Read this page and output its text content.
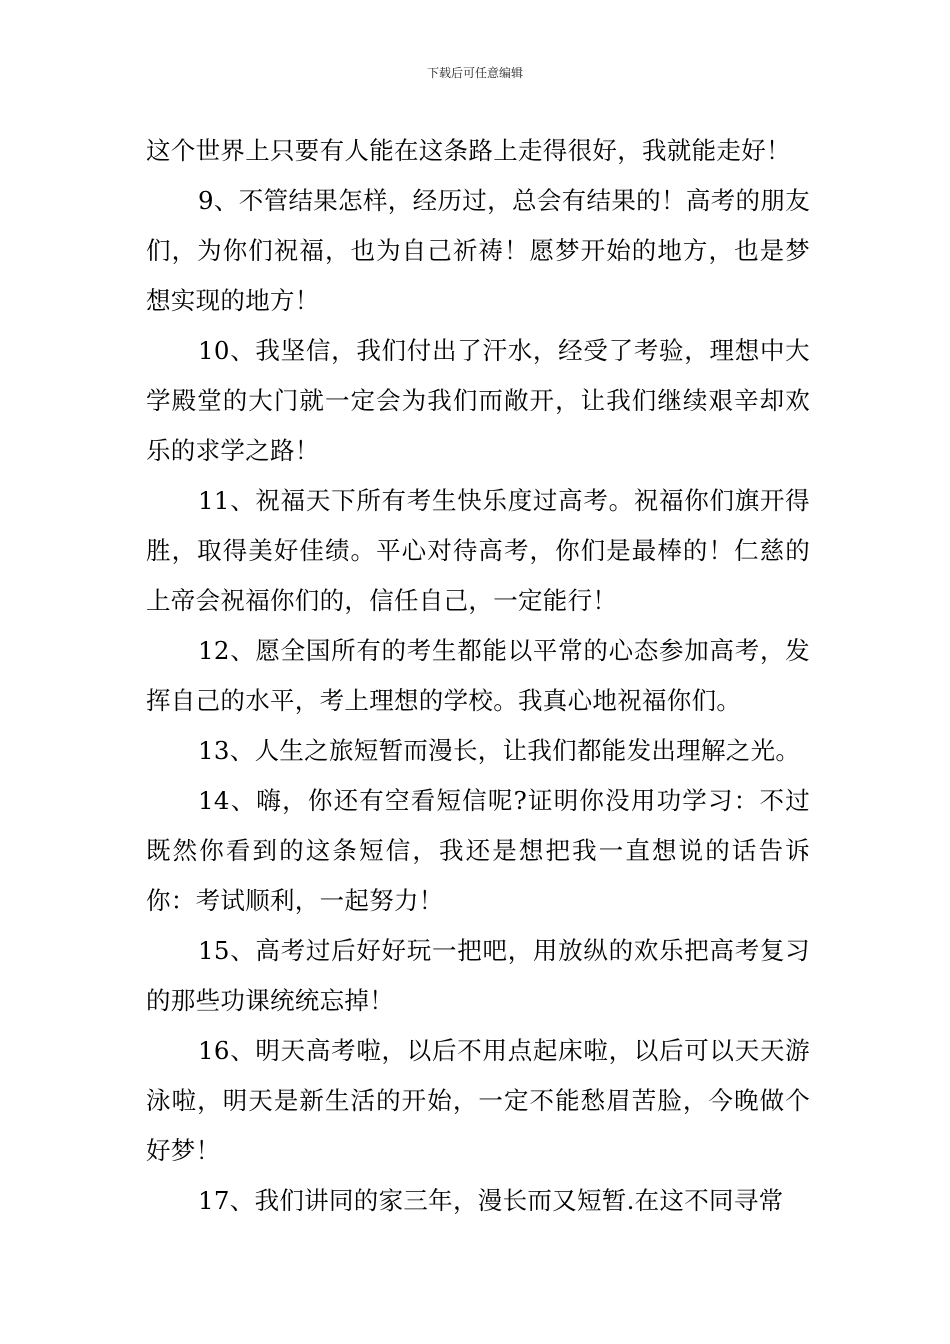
下载后可任意编辑

这个世界上只要有人能在这条路上走得很好，我就能走好！

9、不管结果怎样，经历过，总会有结果的！高考的朋友们，为你们祝福，也为自己祈祷！愿梦开始的地方，也是梦想实现的地方！

10、我坚信，我们付出了汗水，经受了考验，理想中大学殿堂的大门就一定会为我们而敞开，让我们继续艰辛却欢乐的求学之路！

11、祝福天下所有考生快乐度过高考。祝福你们旗开得胜，取得美好佳绩。平心对待高考，你们是最棒的！仁慈的上帝会祝福你们的，信任自己，一定能行！

12、愿全国所有的考生都能以平常的心态参加高考，发挥自己的水平，考上理想的学校。我真心地祝福你们。

13、人生之旅短暂而漫长，让我们都能发出理解之光。

14、嗨，你还有空看短信呢?证明你没用功学习：不过既然你看到的这条短信，我还是想把我一直想说的话告诉你：考试顺利，一起努力！

15、高考过后好好玩一把吧，用放纵的欢乐把高考复习的那些功课统统忘掉！

16、明天高考啦，以后不用点起床啦，以后可以天天游泳啦，明天是新生活的开始，一定不能愁眉苦脸，今晚做个好梦！

17、我们讲同的家三年，漫长而又短暂.在这不同寻常
